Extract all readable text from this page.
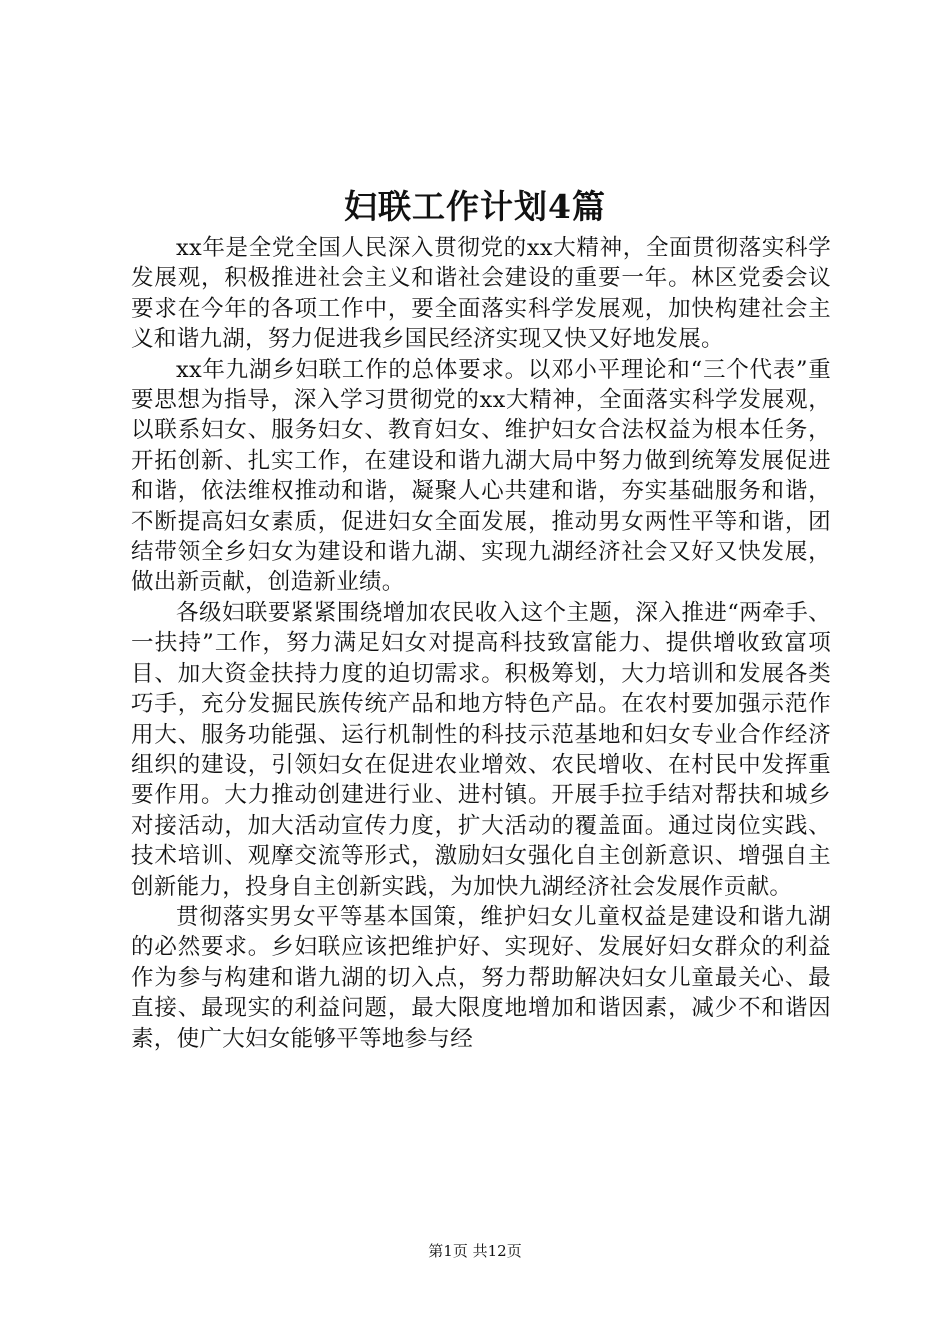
妇联工作计划4篇

xx年是全党全国人民深入贯彻党的xx大精神，全面贯彻落实科学发展观，积极推进社会主义和谐社会建设的重要一年。林区党委会议要求在今年的各项工作中，要全面落实科学发展观，加快构建社会主义和谐九湖，努力促进我乡国民经济实现又快又好地发展。

xx年九湖乡妇联工作的总体要求。以邓小平理论和“三个代表”重要思想为指导，深入学习贯彻党的xx大精神，全面落实科学发展观，以联系妇女、服务妇女、教育妇女、维护妇女合法权益为根本任务，开拓创新、扎实工作，在建设和谐九湖大局中努力做到统筹发展促进和谐，依法维权推动和谐，凝聚人心共建和谐，夯实基础服务和谐，不断提高妇女素质，促进妇女全面发展，推动男女两性平等和谐，团结带领全乡妇女为建设和谐九湖、实现九湖经济社会又好又快发展，做出新贡献，创造新业绩。

各级妇联要紧紧围绕增加农民收入这个主题，深入推进“两牵手、一扶持”工作，努力满足妇女对提高科技致富能力、提供增收致富项目、加大资金扶持力度的迫切需求。积极筹划，大力培训和发展各类巧手，充分发掘民族传统产品和地方特色产品。在农村要加强示范作用大、服务功能强、运行机制性的科技示范基地和妇女专业合作经济组织的建设，引领妇女在促进农业增效、农民增收、在村民中发挥重要作用。大力推动创建进行业、进村镇。开展手拉手结对帮扶和城乡对接活动，加大活动宣传力度，扩大活动的覆盖面。通过岗位实践、技术培训、观摩交流等形式，激励妇女强化自主创新意识、增强自主创新能力，投身自主创新实践，为加快九湖经济社会发展作贡献。

贯彻落实男女平等基本国策，维护妇女儿童权益是建设和谐九湖的必然要求。乡妇联应该把维护好、实现好、发展好妇女群众的利益作为参与构建和谐九湖的切入点，努力帮助解决妇女儿童最关心、最直接、最现实的利益问题，最大限度地增加和谐因素，减少不和谐因素，使广大妇女能够平等地参与经

第1页 共12页
